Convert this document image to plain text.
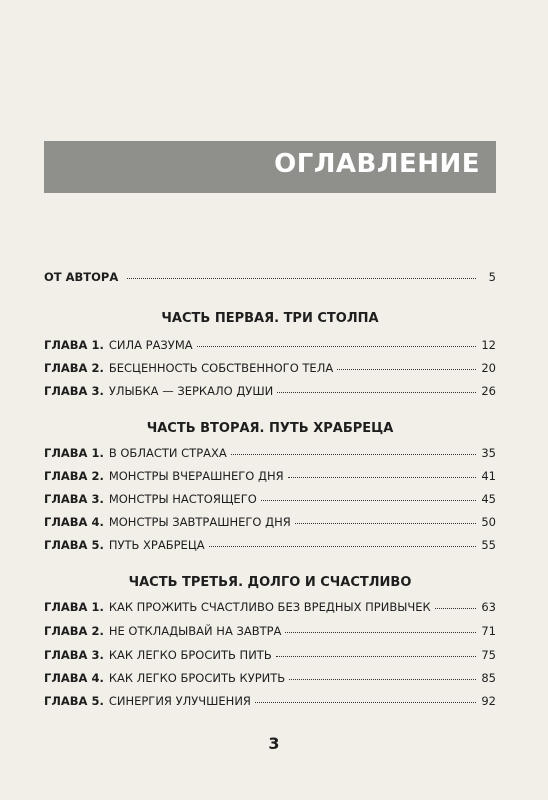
ОГЛАВЛЕНИЕ
ОТ АВТОРА	5
ЧАСТЬ ПЕРВАЯ. ТРИ СТОЛПА
ГЛАВА 1. СИЛА РАЗУМА	12
ГЛАВА 2. БЕСЦЕННОСТЬ СОБСТВЕННОГО ТЕЛА	20
ГЛАВА 3. УЛЫБКА — ЗЕРКАЛО ДУШИ	26
ЧАСТЬ ВТОРАЯ. ПУТЬ ХРАБРЕЦА
ГЛАВА 1. В ОБЛАСТИ СТРАХА	35
ГЛАВА 2. МОНСТРЫ ВЧЕРАШНЕГО ДНЯ	41
ГЛАВА 3. МОНСТРЫ НАСТОЯЩЕГО	45
ГЛАВА 4. МОНСТРЫ ЗАВТРАШНЕГО ДНЯ	50
ГЛАВА 5. ПУТЬ ХРАБРЕЦА	55
ЧАСТЬ ТРЕТЬЯ. ДОЛГО И СЧАСТЛИВО
ГЛАВА 1. КАК ПРОЖИТЬ СЧАСТЛИВО БЕЗ ВРЕДНЫХ ПРИВЫЧЕК	63
ГЛАВА 2. НЕ ОТКЛАДЫВАЙ НА ЗАВТРА	71
ГЛАВА 3. КАК ЛЕГКО БРОСИТЬ ПИТЬ	75
ГЛАВА 4. КАК ЛЕГКО БРОСИТЬ КУРИТЬ	85
ГЛАВА 5. СИНЕРГИЯ УЛУЧШЕНИЯ	92
3
